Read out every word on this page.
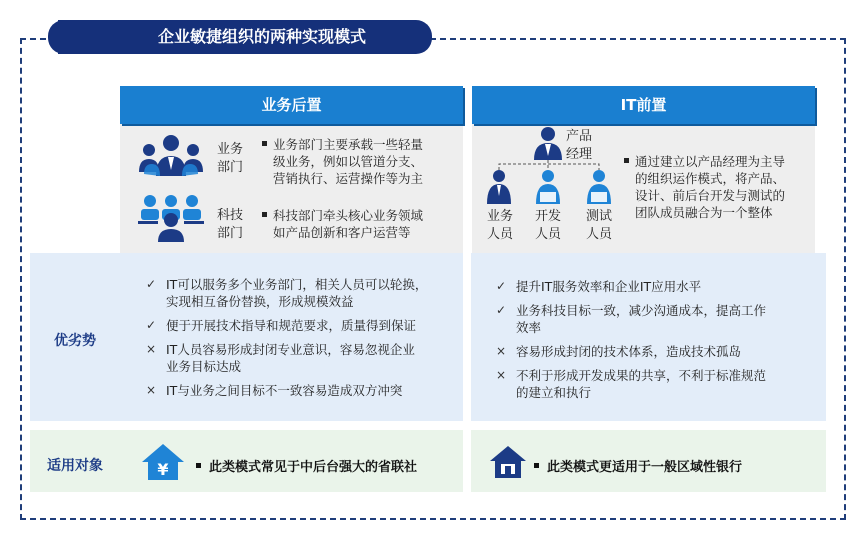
企业敏捷组织的两种实现模式
业务后置	IT前置
业务
部门
业务部门主要承载一些轻量
级业务，例如以管道分支、
营销执行、运营操作等为主
科技
部门
科技部门牵头核心业务领域
如产品创新和客户运营等
产品
经理
业务
人员
开发
人员
测试
人员
通过建立以产品经理为主导
的组织运作模式，将产品、
设计、前后台开发与测试的
团队成员融合为一个整体
优劣势
✓ IT可以服务多个业务部门，相关人员可以轮换，
实现相互备份替换，形成规模效益
✓ 便于开展技术指导和规范要求，质量得到保证
× IT人员容易形成封闭专业意识，容易忽视企业
业务目标达成
× IT与业务之间目标不一致容易造成双方冲突
✓ 提升IT服务效率和企业IT应用水平
✓ 业务科技目标一致，减少沟通成本，提高工作
效率
× 容易形成封闭的技术体系，造成技术孤岛
× 不利于形成开发成果的共享，不利于标准规范
的建立和执行
适用对象	¥	此类模式常见于中后台强大的省联社	此类模式更适用于一般区域性银行
